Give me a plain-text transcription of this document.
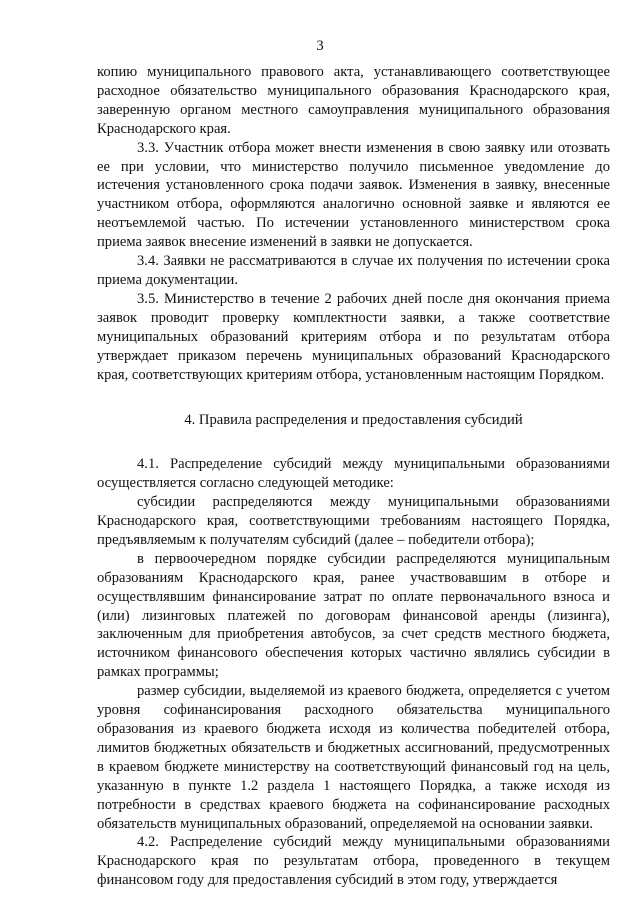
3

копию муниципального правового акта, устанавливающего соответствующее расходное обязательство муниципального образования Краснодарского края, заверенную органом местного самоуправления муниципального образования Краснодарского края.

3.3. Участник отбора может внести изменения в свою заявку или отозвать ее при условии, что министерство получило письменное уведомление до истечения установленного срока подачи заявок. Изменения в заявку, внесенные участником отбора, оформляются аналогично основной заявке и являются ее неотъемлемой частью. По истечении установленного министерством срока приема заявок внесение изменений в заявки не допускается.

3.4. Заявки не рассматриваются в случае их получения по истечении срока приема документации.

3.5. Министерство в течение 2 рабочих дней после дня окончания приема заявок проводит проверку комплектности заявки, а также соответствие муниципальных образований критериям отбора и по результатам отбора утверждает приказом перечень муниципальных образований Краснодарского края, соответствующих критериям отбора, установленным настоящим Порядком.

4. Правила распределения и предоставления субсидий

4.1. Распределение субсидий между муниципальными образованиями осуществляется согласно следующей методике:

субсидии распределяются между муниципальными образованиями Краснодарского края, соответствующими требованиям настоящего Порядка, предъявляемым к получателям субсидий (далее – победители отбора);

в первоочередном порядке субсидии распределяются муниципальным образованиям Краснодарского края, ранее участвовавшим в отборе и осуществлявшим финансирование затрат по оплате первоначального взноса и (или) лизинговых платежей по договорам финансовой аренды (лизинга), заключенным для приобретения автобусов, за счет средств местного бюджета, источником финансового обеспечения которых частично являлись субсидии в рамках программы;

размер субсидии, выделяемой из краевого бюджета, определяется с учетом уровня софинансирования расходного обязательства муниципального образования из краевого бюджета исходя из количества победителей отбора, лимитов бюджетных обязательств и бюджетных ассигнований, предусмотренных в краевом бюджете министерству на соответствующий финансовый год на цель, указанную в пункте 1.2 раздела 1 настоящего Порядка, а также исходя из потребности в средствах краевого бюджета на софинансирование расходных обязательств муниципальных образований, определяемой на основании заявки.

4.2. Распределение субсидий между муниципальными образованиями Краснодарского края по результатам отбора, проведенного в текущем финансовом году для предоставления субсидий в этом году, утверждается
